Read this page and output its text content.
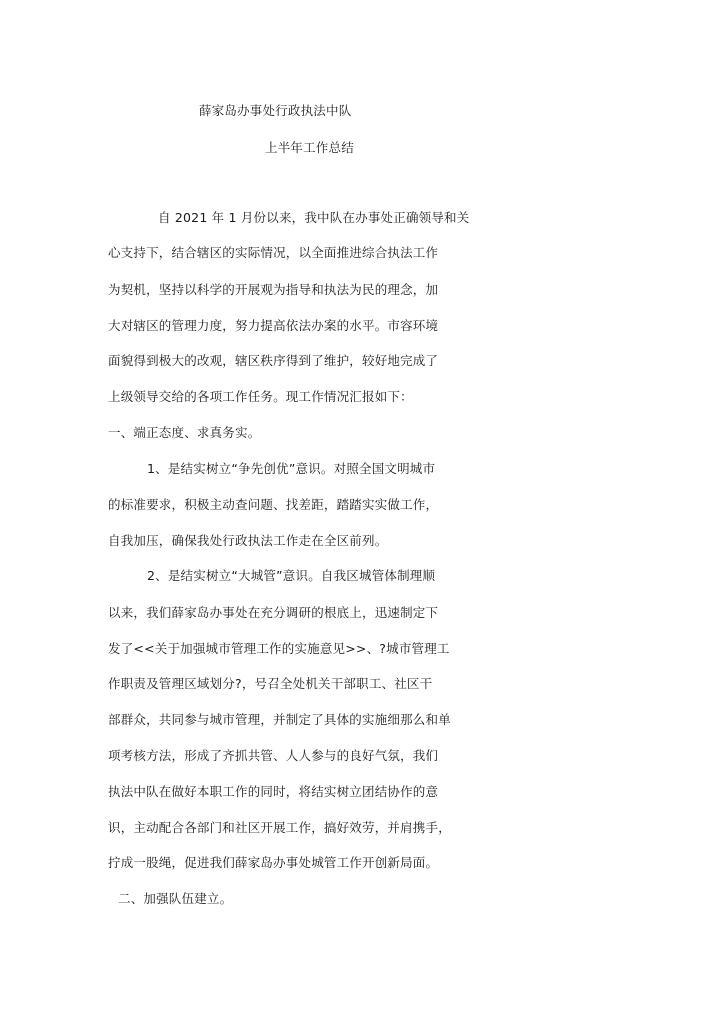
薛家岛办事处行政执法中队
上半年工作总结
自 2021 年 1 月份以来，我中队在办事处正确领导和关
心支持下，结合辖区的实际情况，以全面推进综合执法工作
为契机，坚持以科学的开展观为指导和执法为民的理念，加
大对辖区的管理力度，努力提高依法办案的水平。市容环境
面貌得到极大的改观，辖区秩序得到了维护，较好地完成了
上级领导交给的各项工作任务。现工作情况汇报如下：
一、端正态度、求真务实。
1、是结实树立“争先创优”意识。对照全国文明城市
的标准要求，积极主动查问题、找差距，踏踏实实做工作，
自我加压，确保我处行政执法工作走在全区前列。
2、是结实树立“大城管”意识。自我区城管体制理顺
以来，我们薛家岛办事处在充分调研的根底上，迅速制定下
发了<<关于加强城市管理工作的实施意见>>、?城市管理工
作职责及管理区域划分?，号召全处机关干部职工、社区干
部群众，共同参与城市管理，并制定了具体的实施细那么和单
项考核方法，形成了齐抓共管、人人参与的良好气氛，我们
执法中队在做好本职工作的同时，将结实树立团结协作的意
识，主动配合各部门和社区开展工作，搞好效劳，并肩携手，
拧成一股绳，促进我们薛家岛办事处城管工作开创新局面。
二、加强队伍建立。
